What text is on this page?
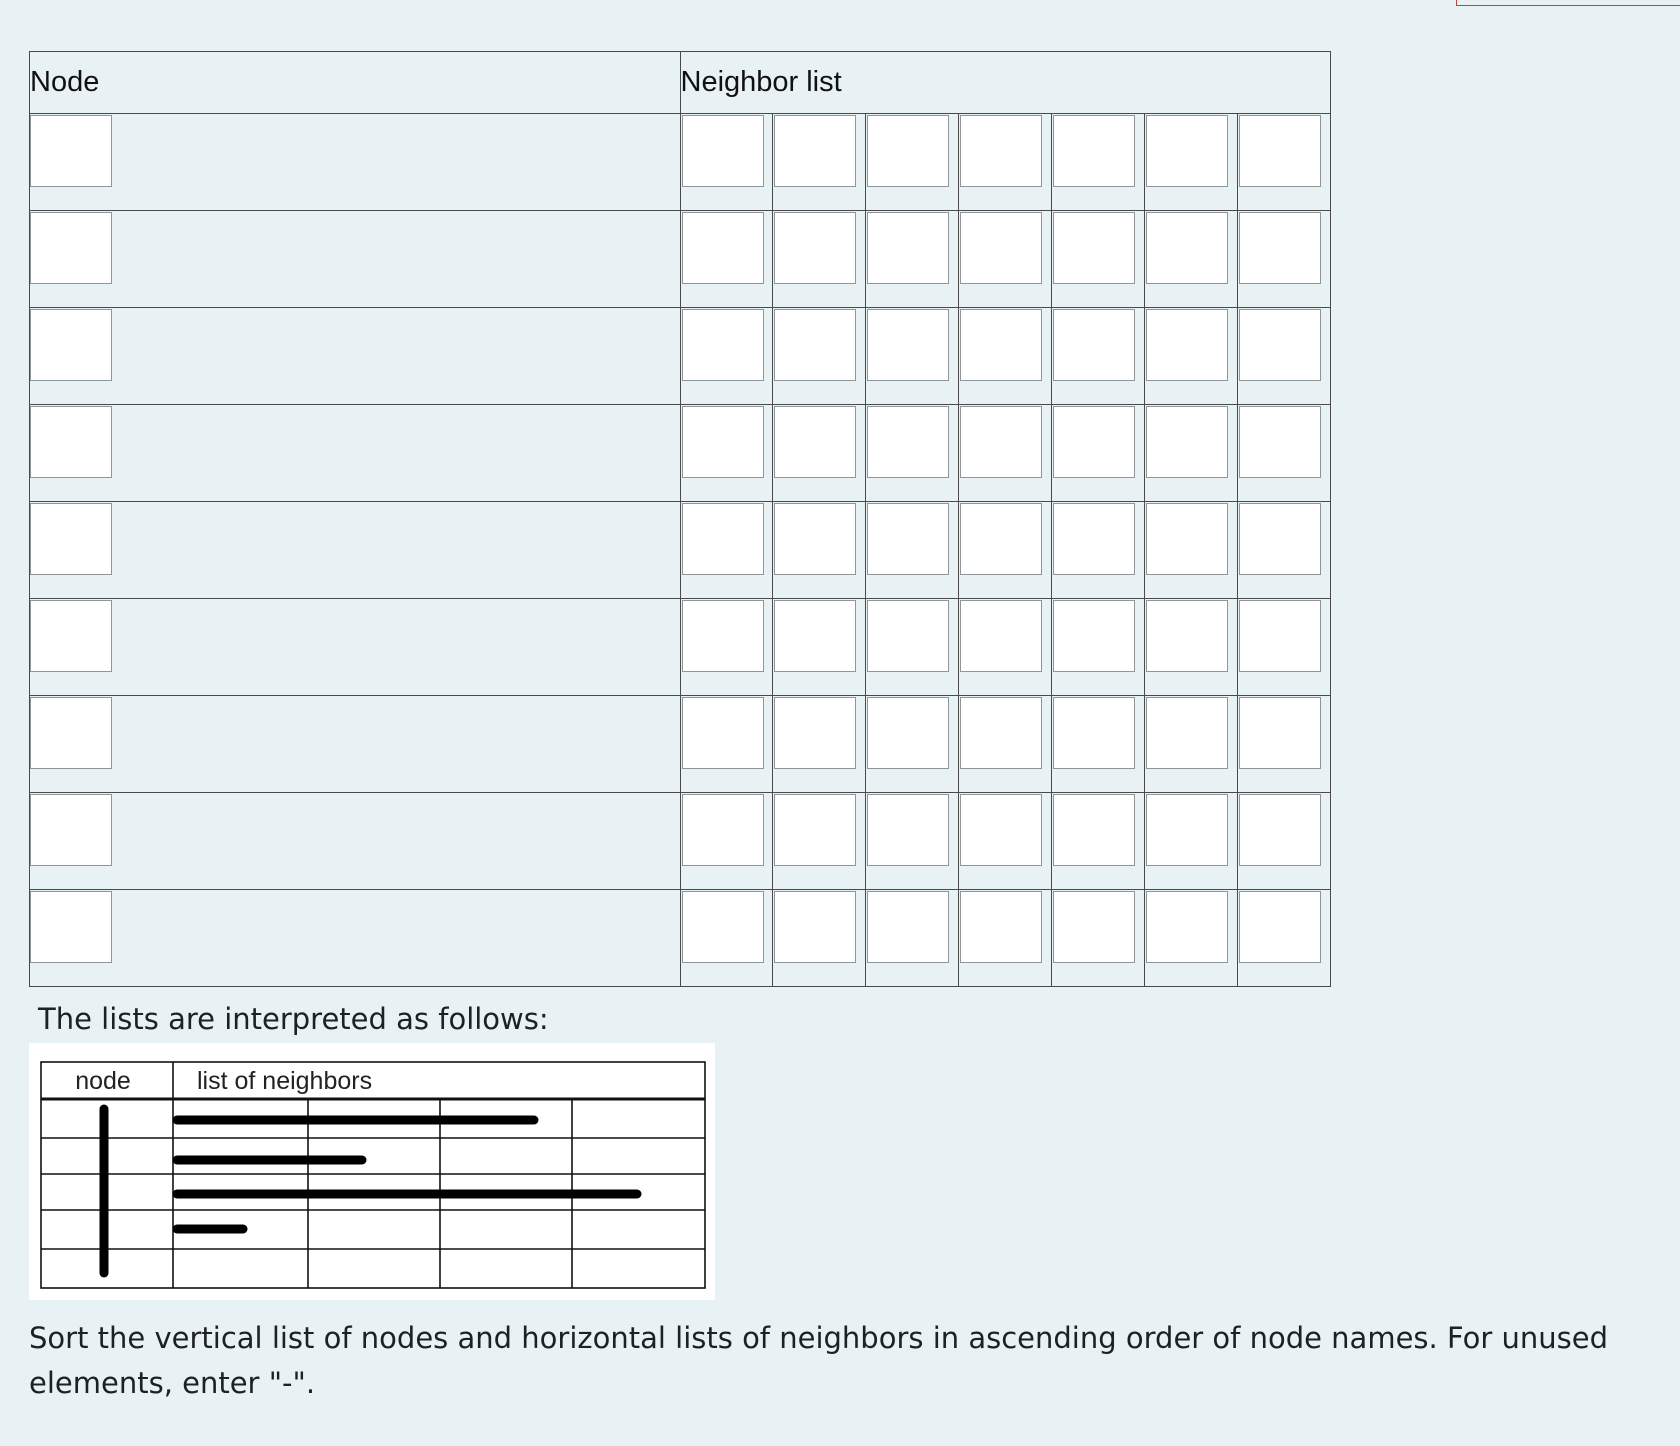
Node	Neighbor list						

The lists are interpreted as follows:
node	list of neighbors
Sort the vertical list of nodes and horizontal lists of neighbors in ascending order of node names. For unused elements, enter "-".
